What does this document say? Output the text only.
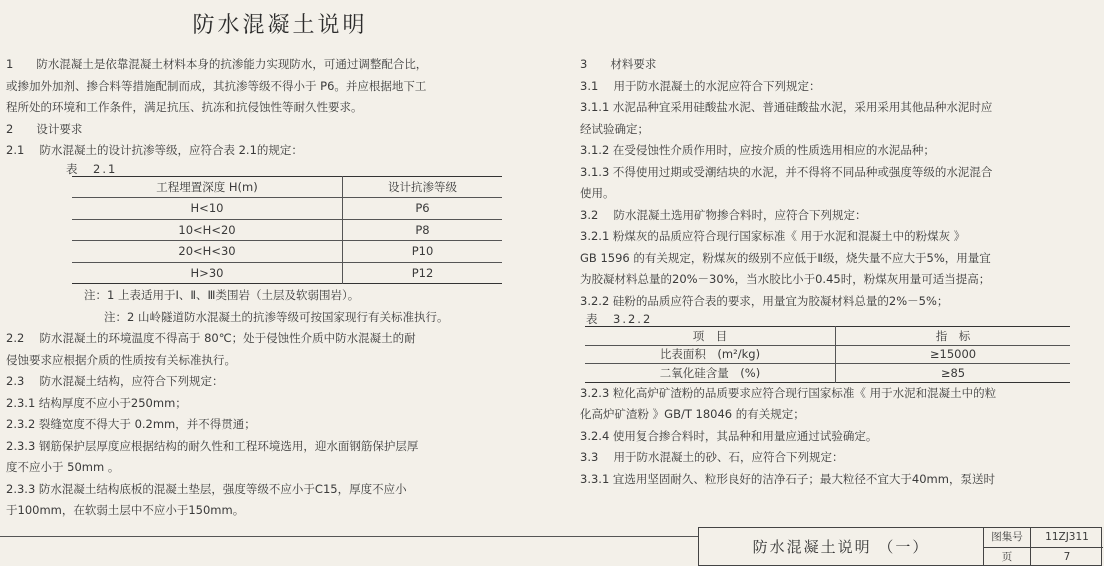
防水混凝土说明

1　　防水混凝土是依靠混凝土材料本身的抗渗能力实现防水，可通过调整配合比，

或掺加外加剂、掺合料等措施配制而成，其抗渗等级不得小于 P6。并应根据地下工

程所处的环境和工作条件，满足抗压、抗冻和抗侵蚀性等耐久性要求。

2　　设计要求

2.1　 防水混凝土的设计抗渗等级，应符合表 2.1的规定：

表　2.1

工程埋置深度 H(m)	设计抗渗等级
H<10	P6
10<H<20	P8
20<H<30	P10
H>30	P12

注：1 上表适用于Ⅰ、Ⅱ、Ⅲ类围岩（土层及软弱围岩）。

注：2 山岭隧道防水混凝土的抗渗等级可按国家现行有关标准执行。

2.2　 防水混凝土的环境温度不得高于 80℃；处于侵蚀性介质中防水混凝土的耐

侵蚀要求应根据介质的性质按有关标准执行。

2.3　 防水混凝土结构，应符合下列规定：

2.3.1 结构厚度不应小于250mm；

2.3.2 裂缝宽度不得大于 0.2mm，并不得贯通；

2.3.3 钢筋保护层厚度应根据结构的耐久性和工程环境选用，迎水面钢筋保护层厚

度不应小于 50mm 。

2.3.3 防水混凝土结构底板的混凝土垫层，强度等级不应小于C15，厚度不应小

于100mm，在软弱土层中不应小于150mm。

3　　材料要求

3.1　 用于防水混凝土的水泥应符合下列规定：

3.1.1 水泥品种宜采用硅酸盐水泥、普通硅酸盐水泥，采用采用其他品种水泥时应

经试验确定；

3.1.2 在受侵蚀性介质作用时，应按介质的性质选用相应的水泥品种；

3.1.3 不得使用过期或受潮结块的水泥，并不得将不同品种或强度等级的水泥混合

使用。

3.2　 防水混凝土选用矿物掺合料时，应符合下列规定：

3.2.1 粉煤灰的品质应符合现行国家标准《 用于水泥和混凝土中的粉煤灰 》

GB 1596 的有关规定，粉煤灰的级别不应低于Ⅱ级，烧失量不应大于5%，用量宜

为胶凝材料总量的20%－30%，当水胶比小于0.45时，粉煤灰用量可适当提高；

3.2.2 硅粉的品质应符合表的要求，用量宜为胶凝材料总量的2%－5%；

表　3.2.2

项　目	指　标
比表面积　(m²/kg)	≥15000
二氧化硅含量　(%)	≥85

3.2.3 粒化高炉矿渣粉的品质要求应符合现行国家标准《 用于水泥和混凝土中的粒

化高炉矿渣粉 》GB/T 18046 的有关规定；

3.2.4 使用复合掺合料时，其品种和用量应通过试验确定。

3.3　 用于防水混凝土的砂、石，应符合下列规定：

3.3.1 宜选用坚固耐久、粒形良好的洁净石子；最大粒径不宜大于40mm，泵送时

防水混凝土说明 （一）
图集号	11ZJ311
页	7
